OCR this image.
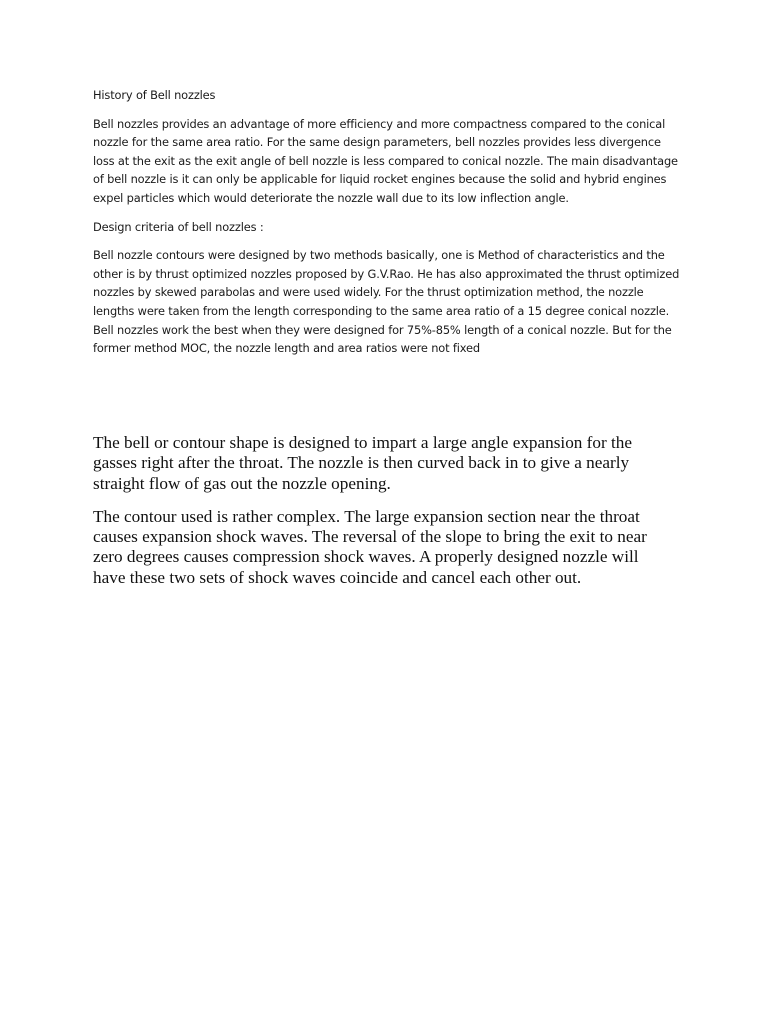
History of Bell nozzles

Bell nozzles provides an advantage of more efficiency and more compactness compared to the conical nozzle for the same area ratio. For the same design parameters, bell nozzles provides less divergence loss at the exit as the exit angle of bell nozzle is less compared to conical nozzle. The main disadvantage of bell nozzle is it can only be applicable for liquid rocket engines because the solid and hybrid engines expel particles which would deteriorate the nozzle wall due to its low inflection angle.

Design criteria of bell nozzles :

Bell nozzle contours were designed by two methods basically, one is Method of characteristics and the other is by thrust optimized nozzles proposed by G.V.Rao. He has also approximated the thrust optimized nozzles by skewed parabolas and were used widely. For the thrust optimization method, the nozzle lengths were taken from the length corresponding to the same area ratio of a 15 degree conical nozzle. Bell nozzles work the best when they were designed for 75%-85% length of a conical nozzle. But for the former method MOC, the nozzle length and area ratios were not fixed

The bell or contour shape is designed to impart a large angle expansion for the gasses right after the throat. The nozzle is then curved back in to give a nearly straight flow of gas out the nozzle opening.

The contour used is rather complex. The large expansion section near the throat causes expansion shock waves. The reversal of the slope to bring the exit to near zero degrees causes compression shock waves. A properly designed nozzle will have these two sets of shock waves coincide and cancel each other out.
